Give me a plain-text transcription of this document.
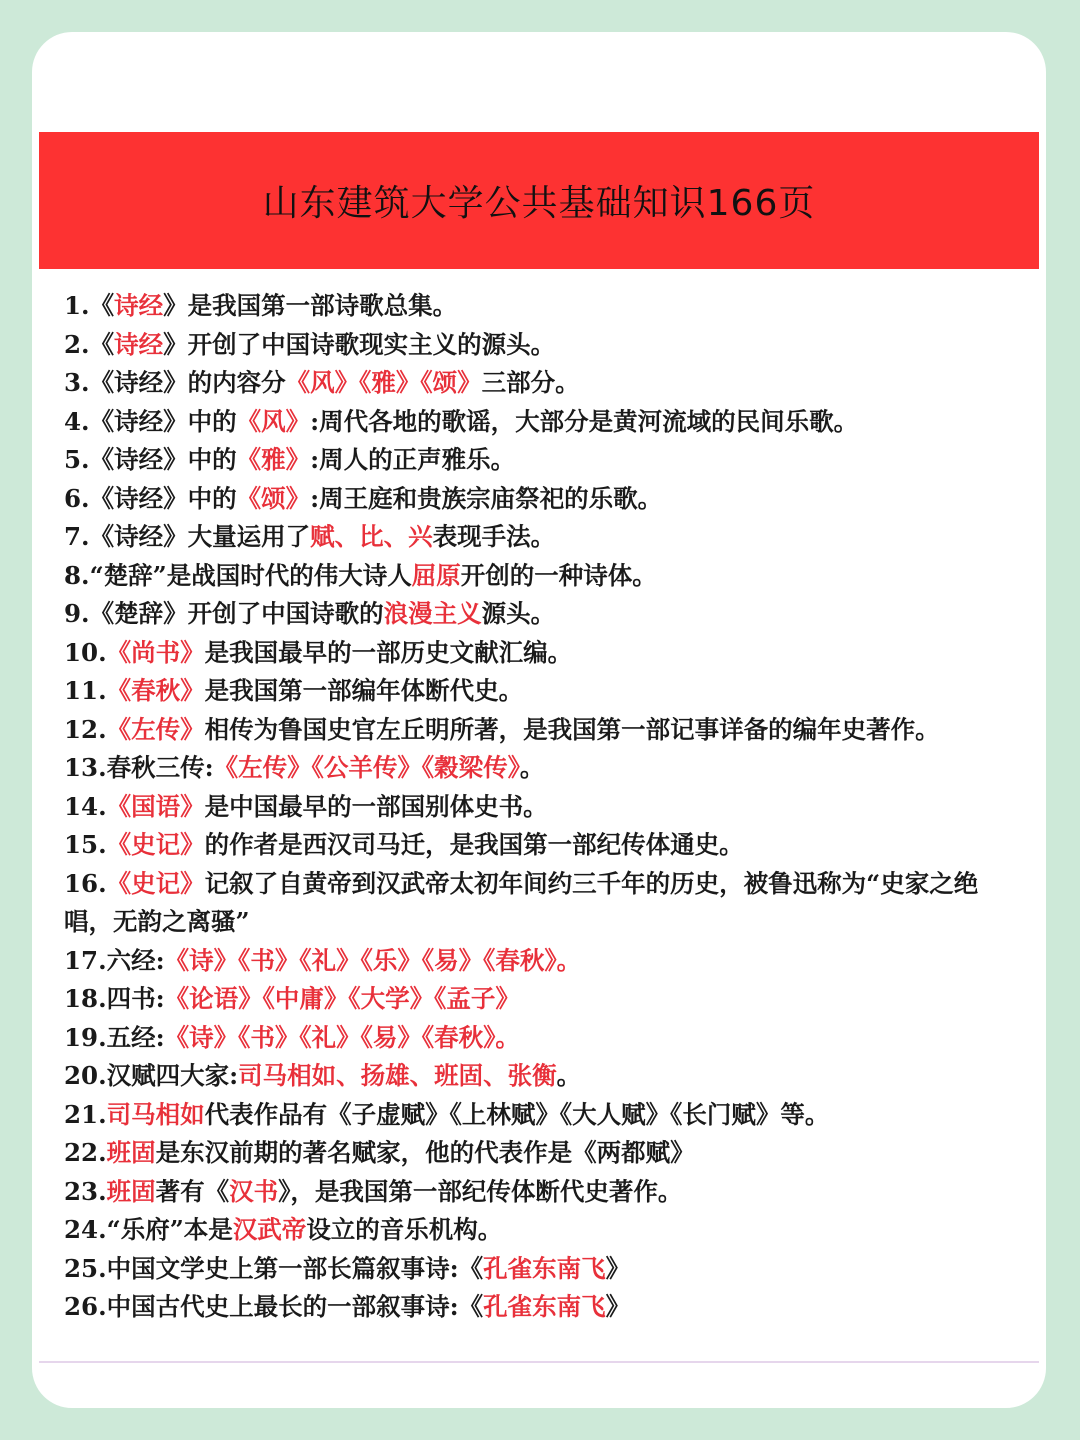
山东建筑大学公共基础知识166页
1.《诗经》是我国第一部诗歌总集。
2.《诗经》开创了中国诗歌现实主义的源头。
3.《诗经》的内容分《风》《雅》《颂》三部分。
4.《诗经》中的《风》:周代各地的歌谣，大部分是黄河流域的民间乐歌。
5.《诗经》中的《雅》:周人的正声雅乐。
6.《诗经》中的《颂》:周王庭和贵族宗庙祭祀的乐歌。
7.《诗经》大量运用了赋、比、兴表现手法。
8.“楚辞”是战国时代的伟大诗人屈原开创的一种诗体。
9.《楚辞》开创了中国诗歌的浪漫主义源头。
10.《尚书》是我国最早的一部历史文献汇编。
11.《春秋》是我国第一部编年体断代史。
12.《左传》相传为鲁国史官左丘明所著，是我国第一部记事详备的编年史著作。
13.春秋三传:《左传》《公羊传》《穀梁传》。
14.《国语》是中国最早的一部国别体史书。
15.《史记》的作者是西汉司马迁，是我国第一部纪传体通史。
16.《史记》记叙了自黄帝到汉武帝太初年间约三千年的历史，被鲁迅称为“史家之绝唱，无韵之离骚”
17.六经:《诗》《书》《礼》《乐》《易》《春秋》。
18.四书:《论语》《中庸》《大学》《孟子》
19.五经:《诗》《书》《礼》《易》《春秋》。
20.汉赋四大家:司马相如、扬雄、班固、张衡。
21.司马相如代表作品有《子虚赋》《上林赋》《大人赋》《长门赋》等。
22.班固是东汉前期的著名赋家，他的代表作是《两都赋》
23.班固著有《汉书》，是我国第一部纪传体断代史著作。
24.“乐府”本是汉武帝设立的音乐机构。
25.中国文学史上第一部长篇叙事诗:《孔雀东南飞》
26.中国古代史上最长的一部叙事诗:《孔雀东南飞》
